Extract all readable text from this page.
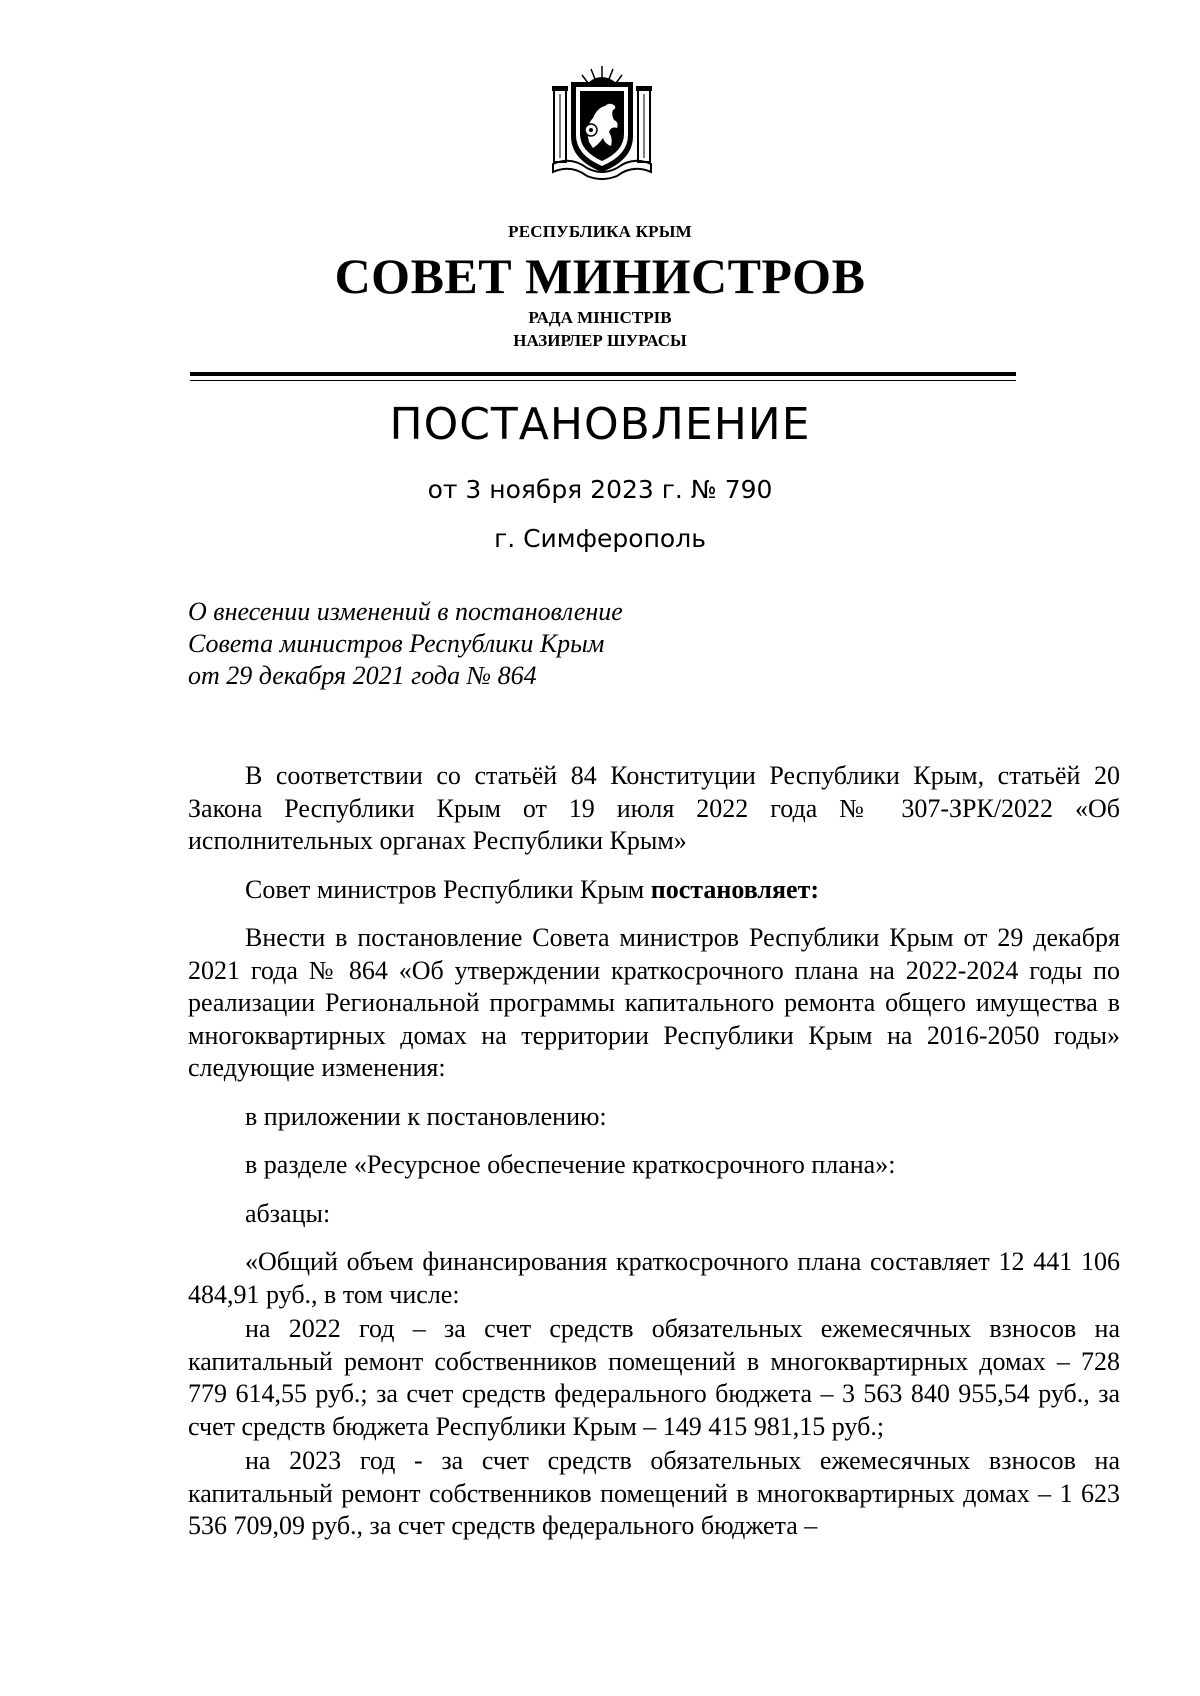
РЕСПУБЛИКА КРЫМ
СОВЕТ МИНИСТРОВ
РАДА МІНІСТРІВ
НАЗИРЛЕР ШУРАСЫ
ПОСТАНОВЛЕНИЕ
от 3 ноября 2023 г. № 790
г. Симферополь
О внесении изменений в постановление
Совета министров Республики Крым
от 29 декабря 2021 года № 864

В соответствии со статьёй 84 Конституции Республики Крым, статьёй 20 Закона Республики Крым от 19 июля 2022 года № 307-ЗРК/2022 «Об исполнительных органах Республики Крым»

Совет министров Республики Крым постановляет:

Внести в постановление Совета министров Республики Крым от 29 декабря 2021 года № 864 «Об утверждении краткосрочного плана на 2022-2024 годы по реализации Региональной программы капитального ремонта общего имущества в многоквартирных домах на территории Республики Крым на 2016-2050 годы» следующие изменения:

в приложении к постановлению:

в разделе «Ресурсное обеспечение краткосрочного плана»:

абзацы:

«Общий объем финансирования краткосрочного плана составляет 12 441 106 484,91 руб., в том числе:

на 2022 год – за счет средств обязательных ежемесячных взносов на капитальный ремонт собственников помещений в многоквартирных домах – 728 779 614,55 руб.; за счет средств федерального бюджета – 3 563 840 955,54 руб., за счет средств бюджета Республики Крым – 149 415 981,15 руб.;

на 2023 год - за счет средств обязательных ежемесячных взносов на капитальный ремонт собственников помещений в многоквартирных домах – 1 623 536 709,09 руб., за счет средств федерального бюджета –
